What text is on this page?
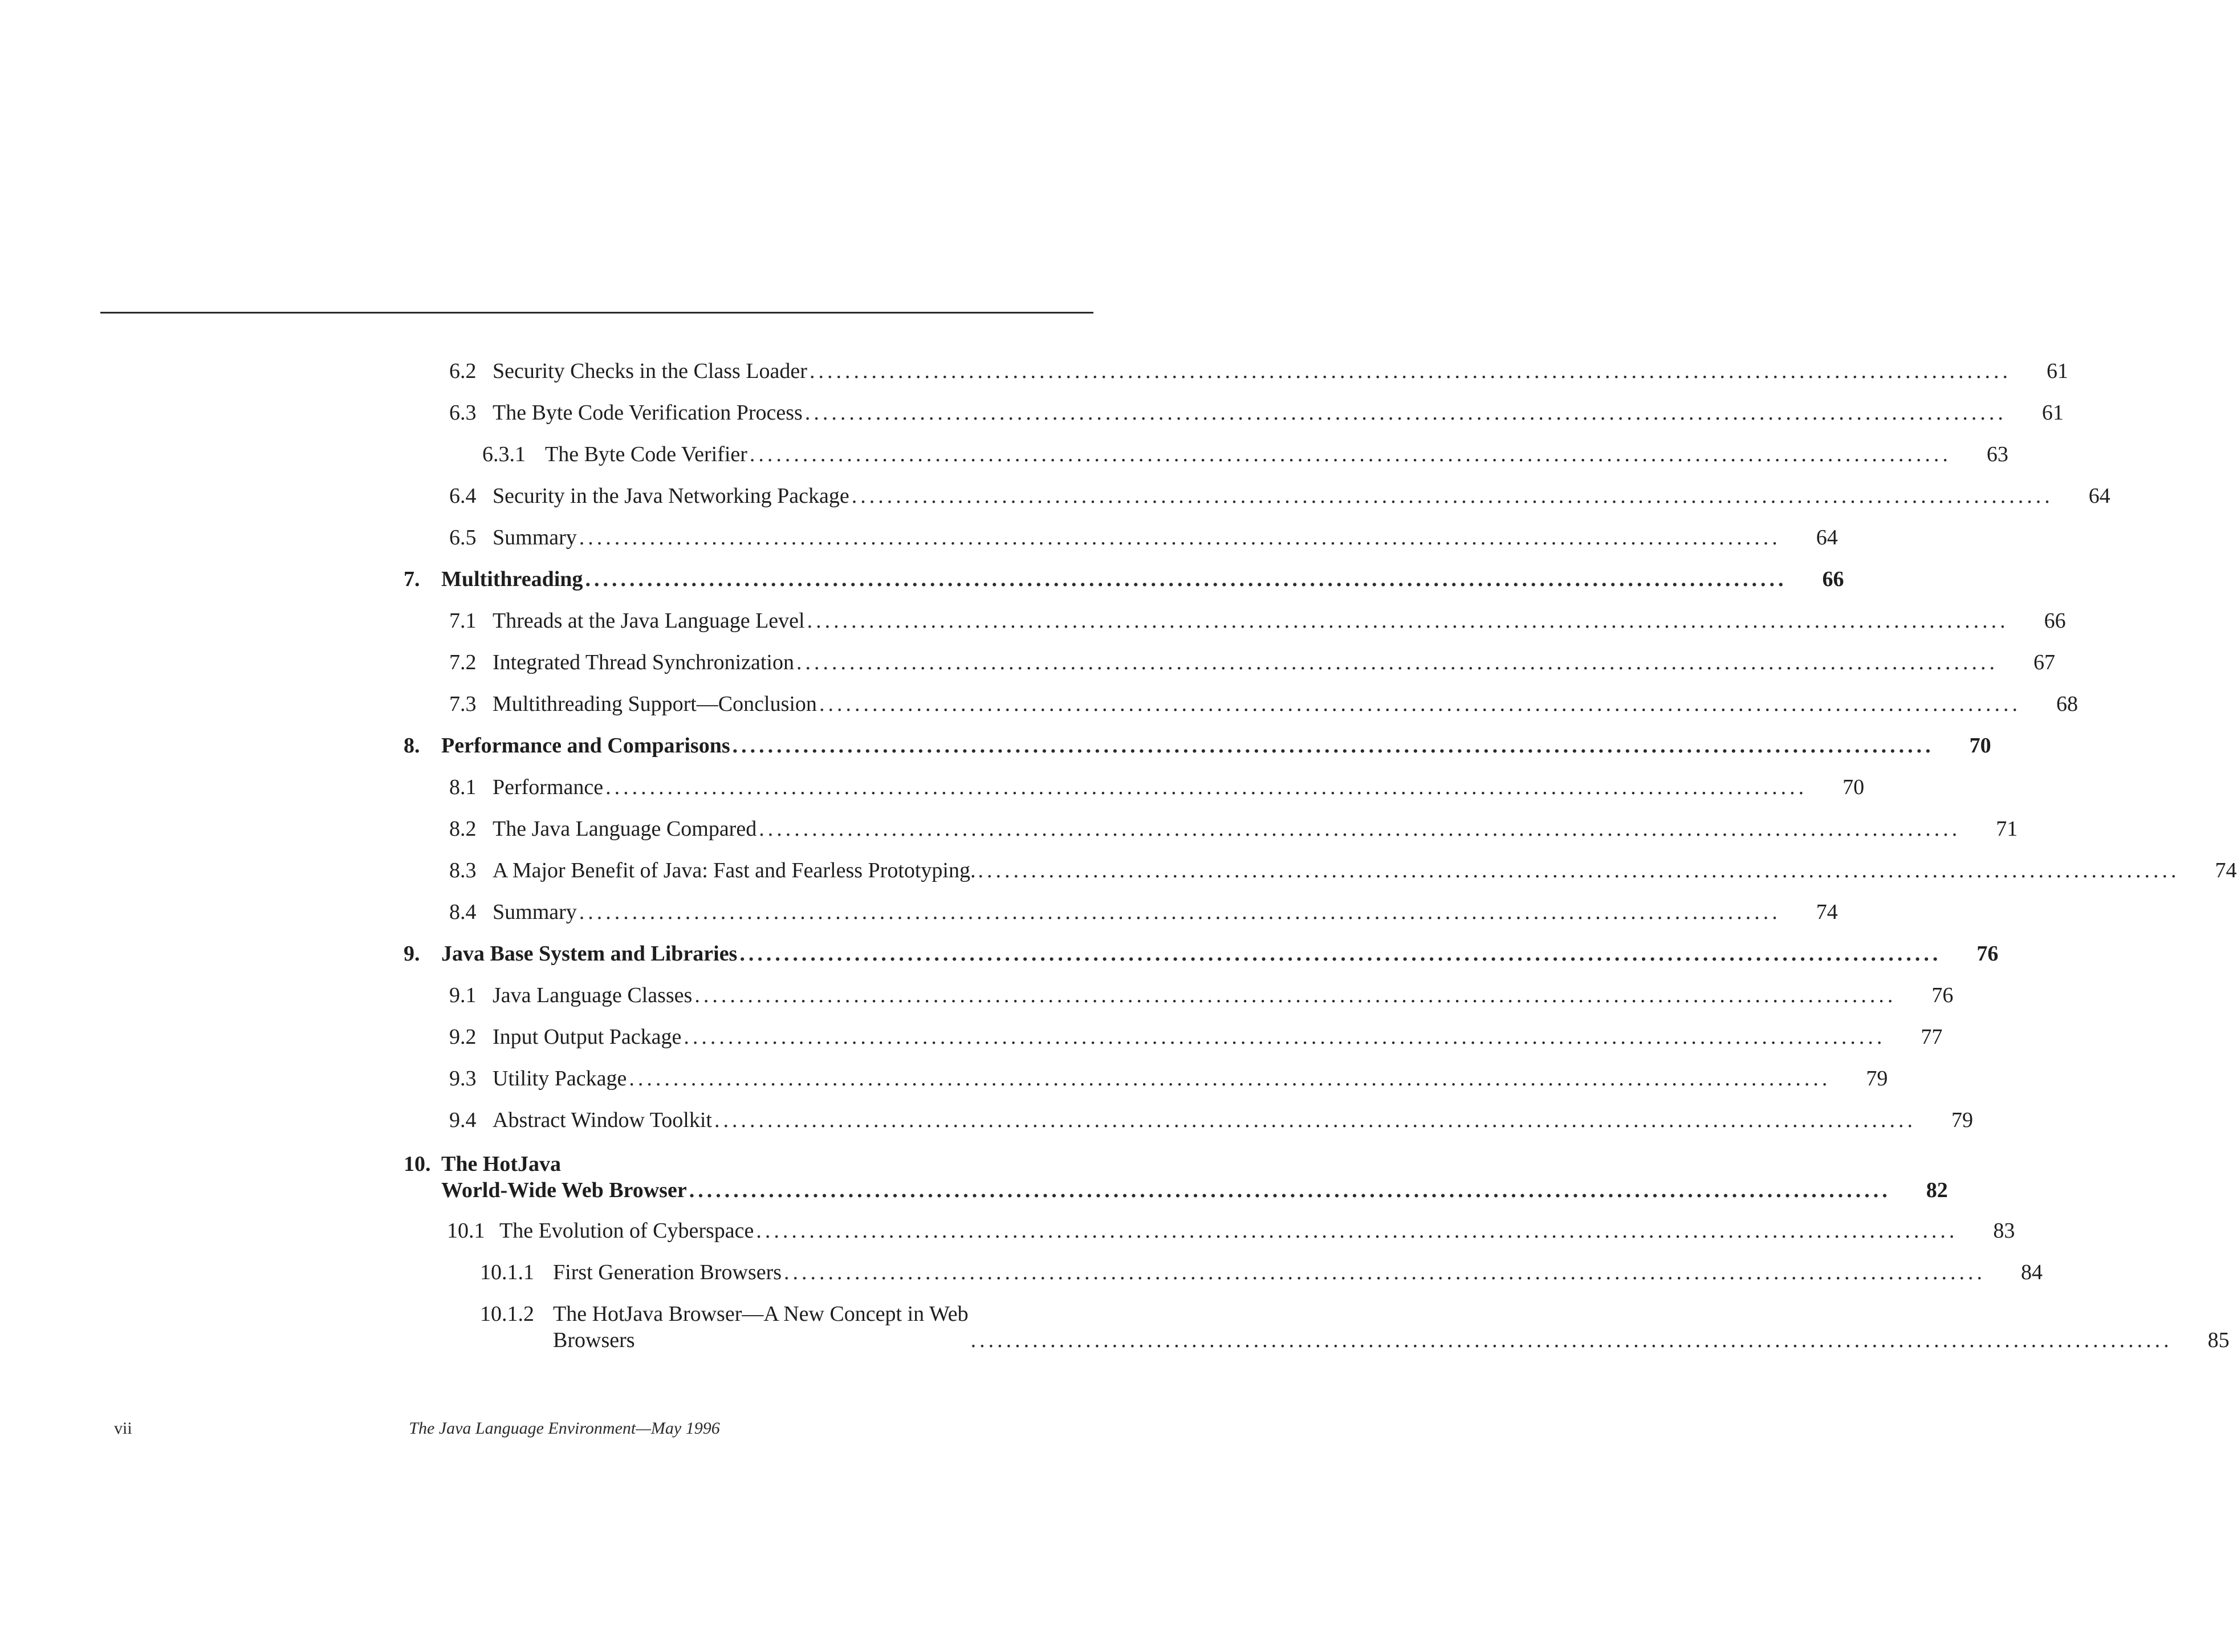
6.2 Security Checks in the Class Loader .....	61
6.3 The Byte Code Verification Process .....	61
6.3.1 The Byte Code Verifier .....	63
6.4 Security in the Java Networking Package .....	64
6.5 Summary .....	64
7. Multithreading .....	66
7.1 Threads at the Java Language Level .....	66
7.2 Integrated Thread Synchronization .....	67
7.3 Multithreading Support—Conclusion .....	68
8. Performance and Comparisons .....	70
8.1 Performance .....	70
8.2 The Java Language Compared .....	71
8.3 A Major Benefit of Java: Fast and Fearless Prototyping. .....	74
8.4 Summary .....	74
9. Java Base System and Libraries .....	76
9.1 Java Language Classes .....	76
9.2 Input Output Package .....	77
9.3 Utility Package .....	79
9.4 Abstract Window Toolkit .....	79
10. The HotJava
World-Wide Web Browser .....	82
10.1 The Evolution of Cyberspace .....	83
10.1.1 First Generation Browsers .....	84
10.1.2 The HotJava Browser—A New Concept in Web
Browsers .....	85
vii	The Java Language Environment—May 1996
